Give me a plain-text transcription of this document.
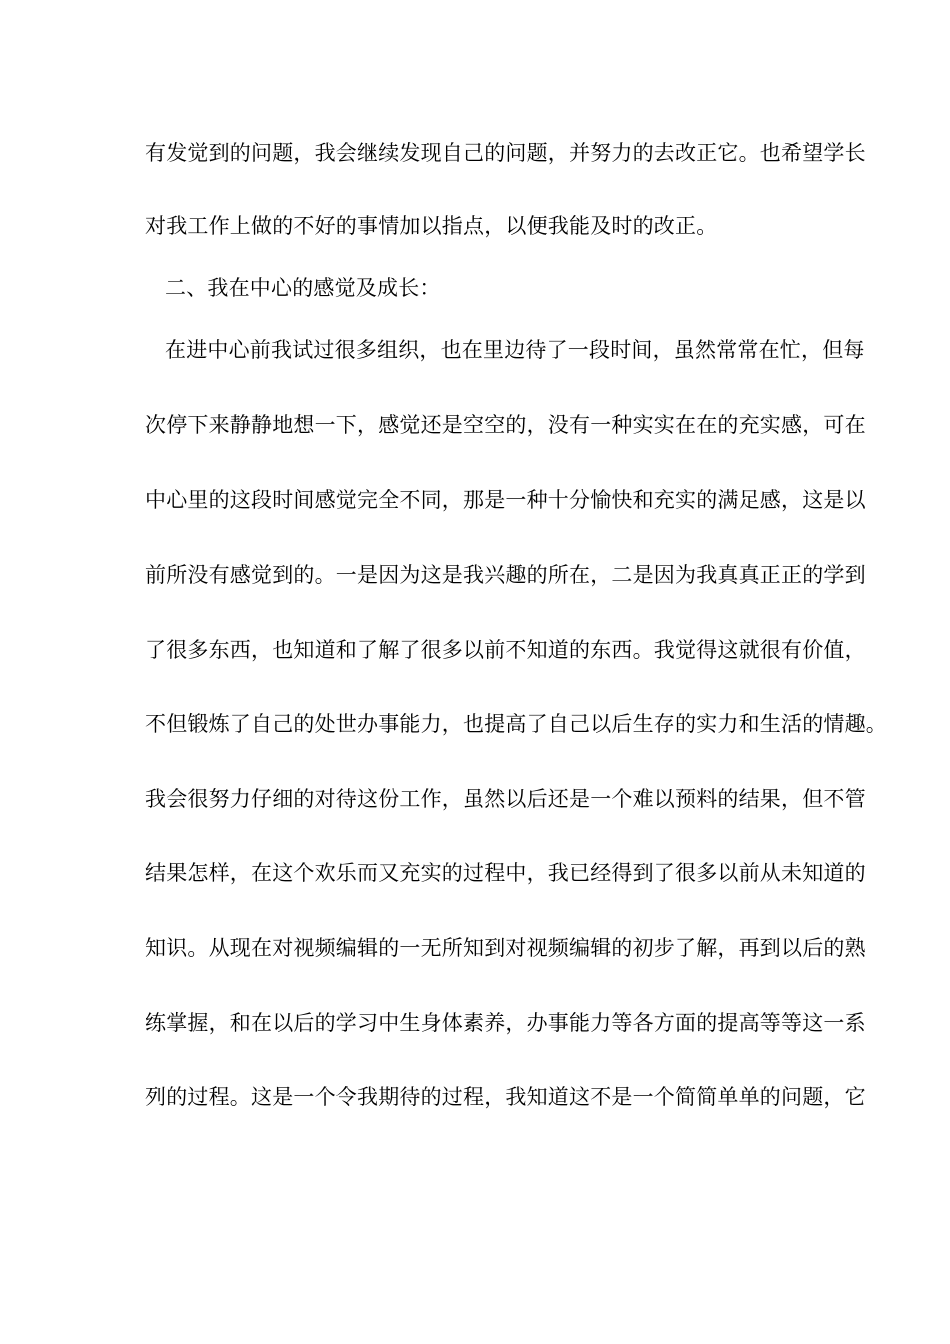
有发觉到的问题，我会继续发现自己的问题，并努力的去改正它。也希望学长
对我工作上做的不好的事情加以指点，以便我能及时的改正。
二、我在中心的感觉及成长：
在进中心前我试过很多组织，也在里边待了一段时间，虽然常常在忙，但每
次停下来静静地想一下，感觉还是空空的，没有一种实实在在的充实感，可在
中心里的这段时间感觉完全不同，那是一种十分愉快和充实的满足感，这是以
前所没有感觉到的。一是因为这是我兴趣的所在，二是因为我真真正正的学到
了很多东西，也知道和了解了很多以前不知道的东西。我觉得这就很有价值，
不但锻炼了自己的处世办事能力，也提高了自己以后生存的实力和生活的情趣。
我会很努力仔细的对待这份工作，虽然以后还是一个难以预料的结果，但不管
结果怎样，在这个欢乐而又充实的过程中，我已经得到了很多以前从未知道的
知识。从现在对视频编辑的一无所知到对视频编辑的初步了解，再到以后的熟
练掌握，和在以后的学习中生身体素养，办事能力等各方面的提高等等这一系
列的过程。这是一个令我期待的过程，我知道这不是一个简简单单的问题，它
